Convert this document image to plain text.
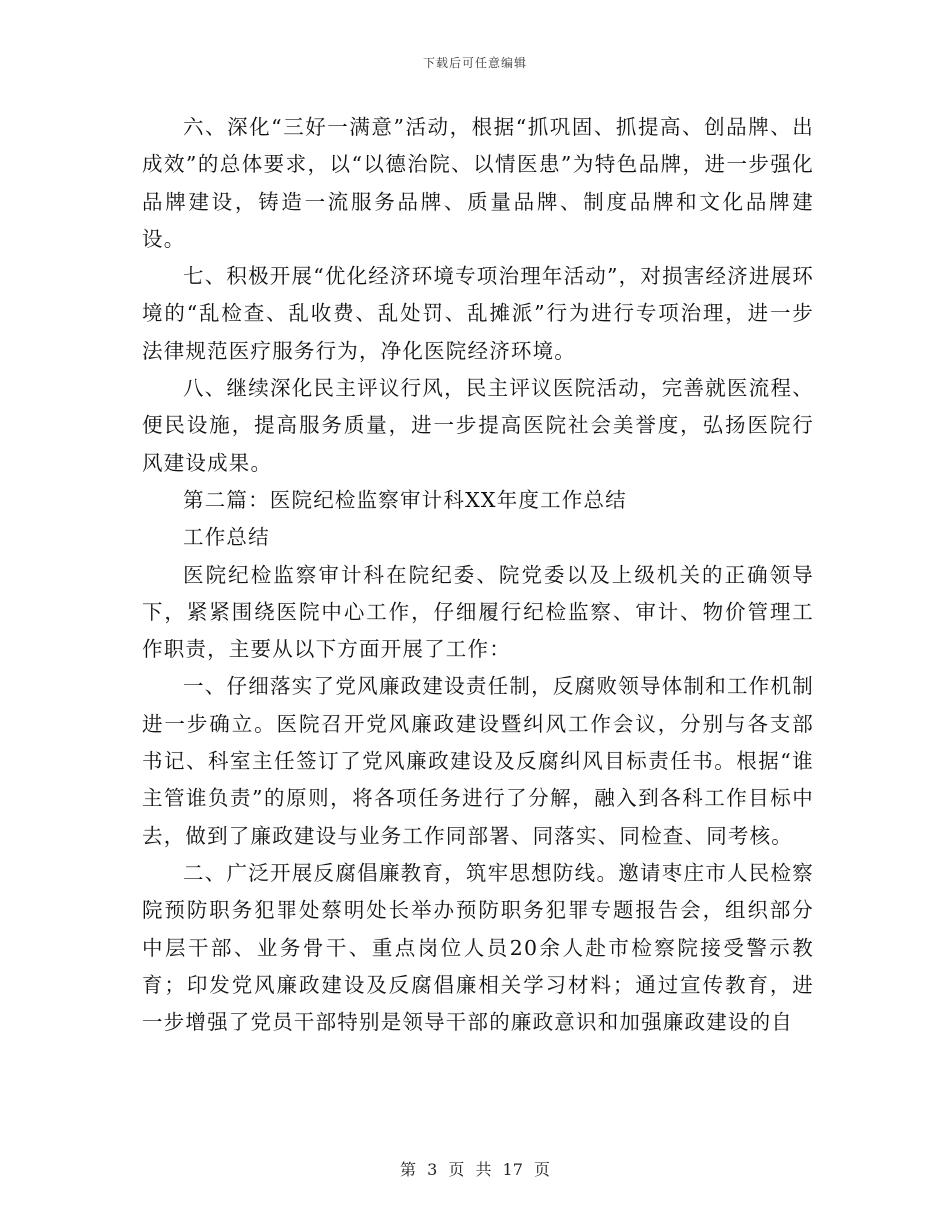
下载后可任意编辑

六、深化“三好一满意”活动，根据“抓巩固、抓提高、创品牌、出成效”的总体要求，以“以德治院、以情医患”为特色品牌，进一步强化品牌建设，铸造一流服务品牌、质量品牌、制度品牌和文化品牌建设。

七、积极开展“优化经济环境专项治理年活动”，对损害经济进展环境的“乱检查、乱收费、乱处罚、乱摊派”行为进行专项治理，进一步法律规范医疗服务行为，净化医院经济环境。

八、继续深化民主评议行风，民主评议医院活动，完善就医流程、便民设施，提高服务质量，进一步提高医院社会美誉度，弘扬医院行风建设成果。

第二篇：医院纪检监察审计科XX年度工作总结

工作总结

医院纪检监察审计科在院纪委、院党委以及上级机关的正确领导下，紧紧围绕医院中心工作，仔细履行纪检监察、审计、物价管理工作职责，主要从以下方面开展了工作：

一、仔细落实了党风廉政建设责任制，反腐败领导体制和工作机制进一步确立。医院召开党风廉政建设暨纠风工作会议，分别与各支部书记、科室主任签订了党风廉政建设及反腐纠风目标责任书。根据“谁主管谁负责”的原则，将各项任务进行了分解，融入到各科工作目标中去，做到了廉政建设与业务工作同部署、同落实、同检查、同考核。

二、广泛开展反腐倡廉教育，筑牢思想防线。邀请枣庄市人民检察院预防职务犯罪处蔡明处长举办预防职务犯罪专题报告会，组织部分中层干部、业务骨干、重点岗位人员20余人赴市检察院接受警示教育；印发党风廉政建设及反腐倡廉相关学习材料；通过宣传教育，进一步增强了党员干部特别是领导干部的廉政意识和加强廉政建设的自

第 3 页 共 17 页
